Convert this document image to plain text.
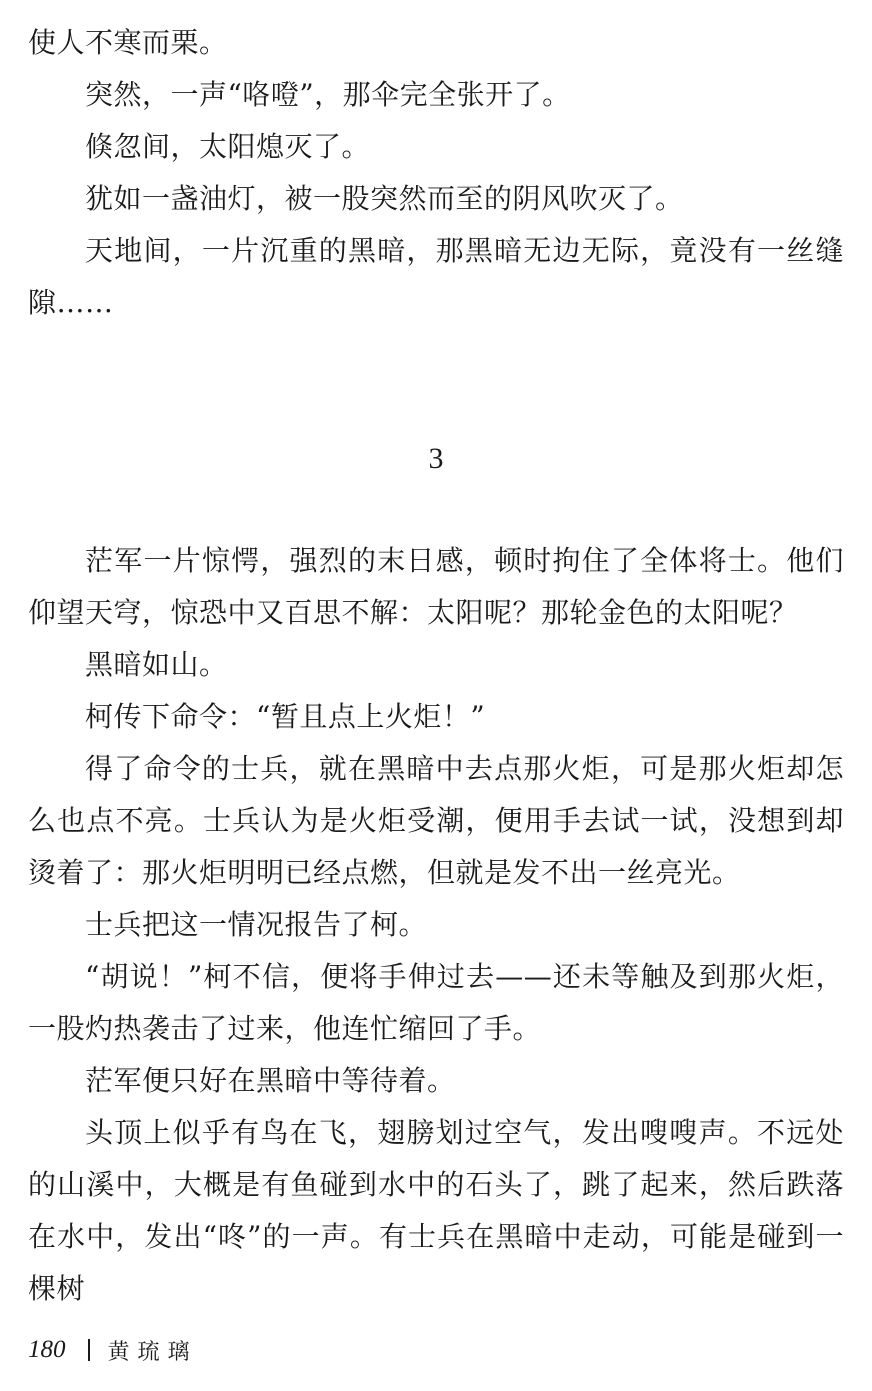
使人不寒而栗。

突然，一声“咯噔”，那伞完全张开了。

倏忽间，太阳熄灭了。

犹如一盏油灯，被一股突然而至的阴风吹灭了。

天地间，一片沉重的黑暗，那黑暗无边无际，竟没有一丝缝隙……

3

茫军一片惊愕，强烈的末日感，顿时拘住了全体将士。他们仰望天穹，惊恐中又百思不解：太阳呢？那轮金色的太阳呢？

黑暗如山。

柯传下命令：“暂且点上火炬！”

得了命令的士兵，就在黑暗中去点那火炬，可是那火炬却怎么也点不亮。士兵认为是火炬受潮，便用手去试一试，没想到却烫着了：那火炬明明已经点燃，但就是发不出一丝亮光。

士兵把这一情况报告了柯。

“胡说！”柯不信，便将手伸过去——还未等触及到那火炬，一股灼热袭击了过来，他连忙缩回了手。

茫军便只好在黑暗中等待着。

头顶上似乎有鸟在飞，翅膀划过空气，发出嗖嗖声。不远处的山溪中，大概是有鱼碰到水中的石头了，跳了起来，然后跌落在水中，发出“咚”的一声。有士兵在黑暗中走动，可能是碰到一棵树

180 黄琉璃
